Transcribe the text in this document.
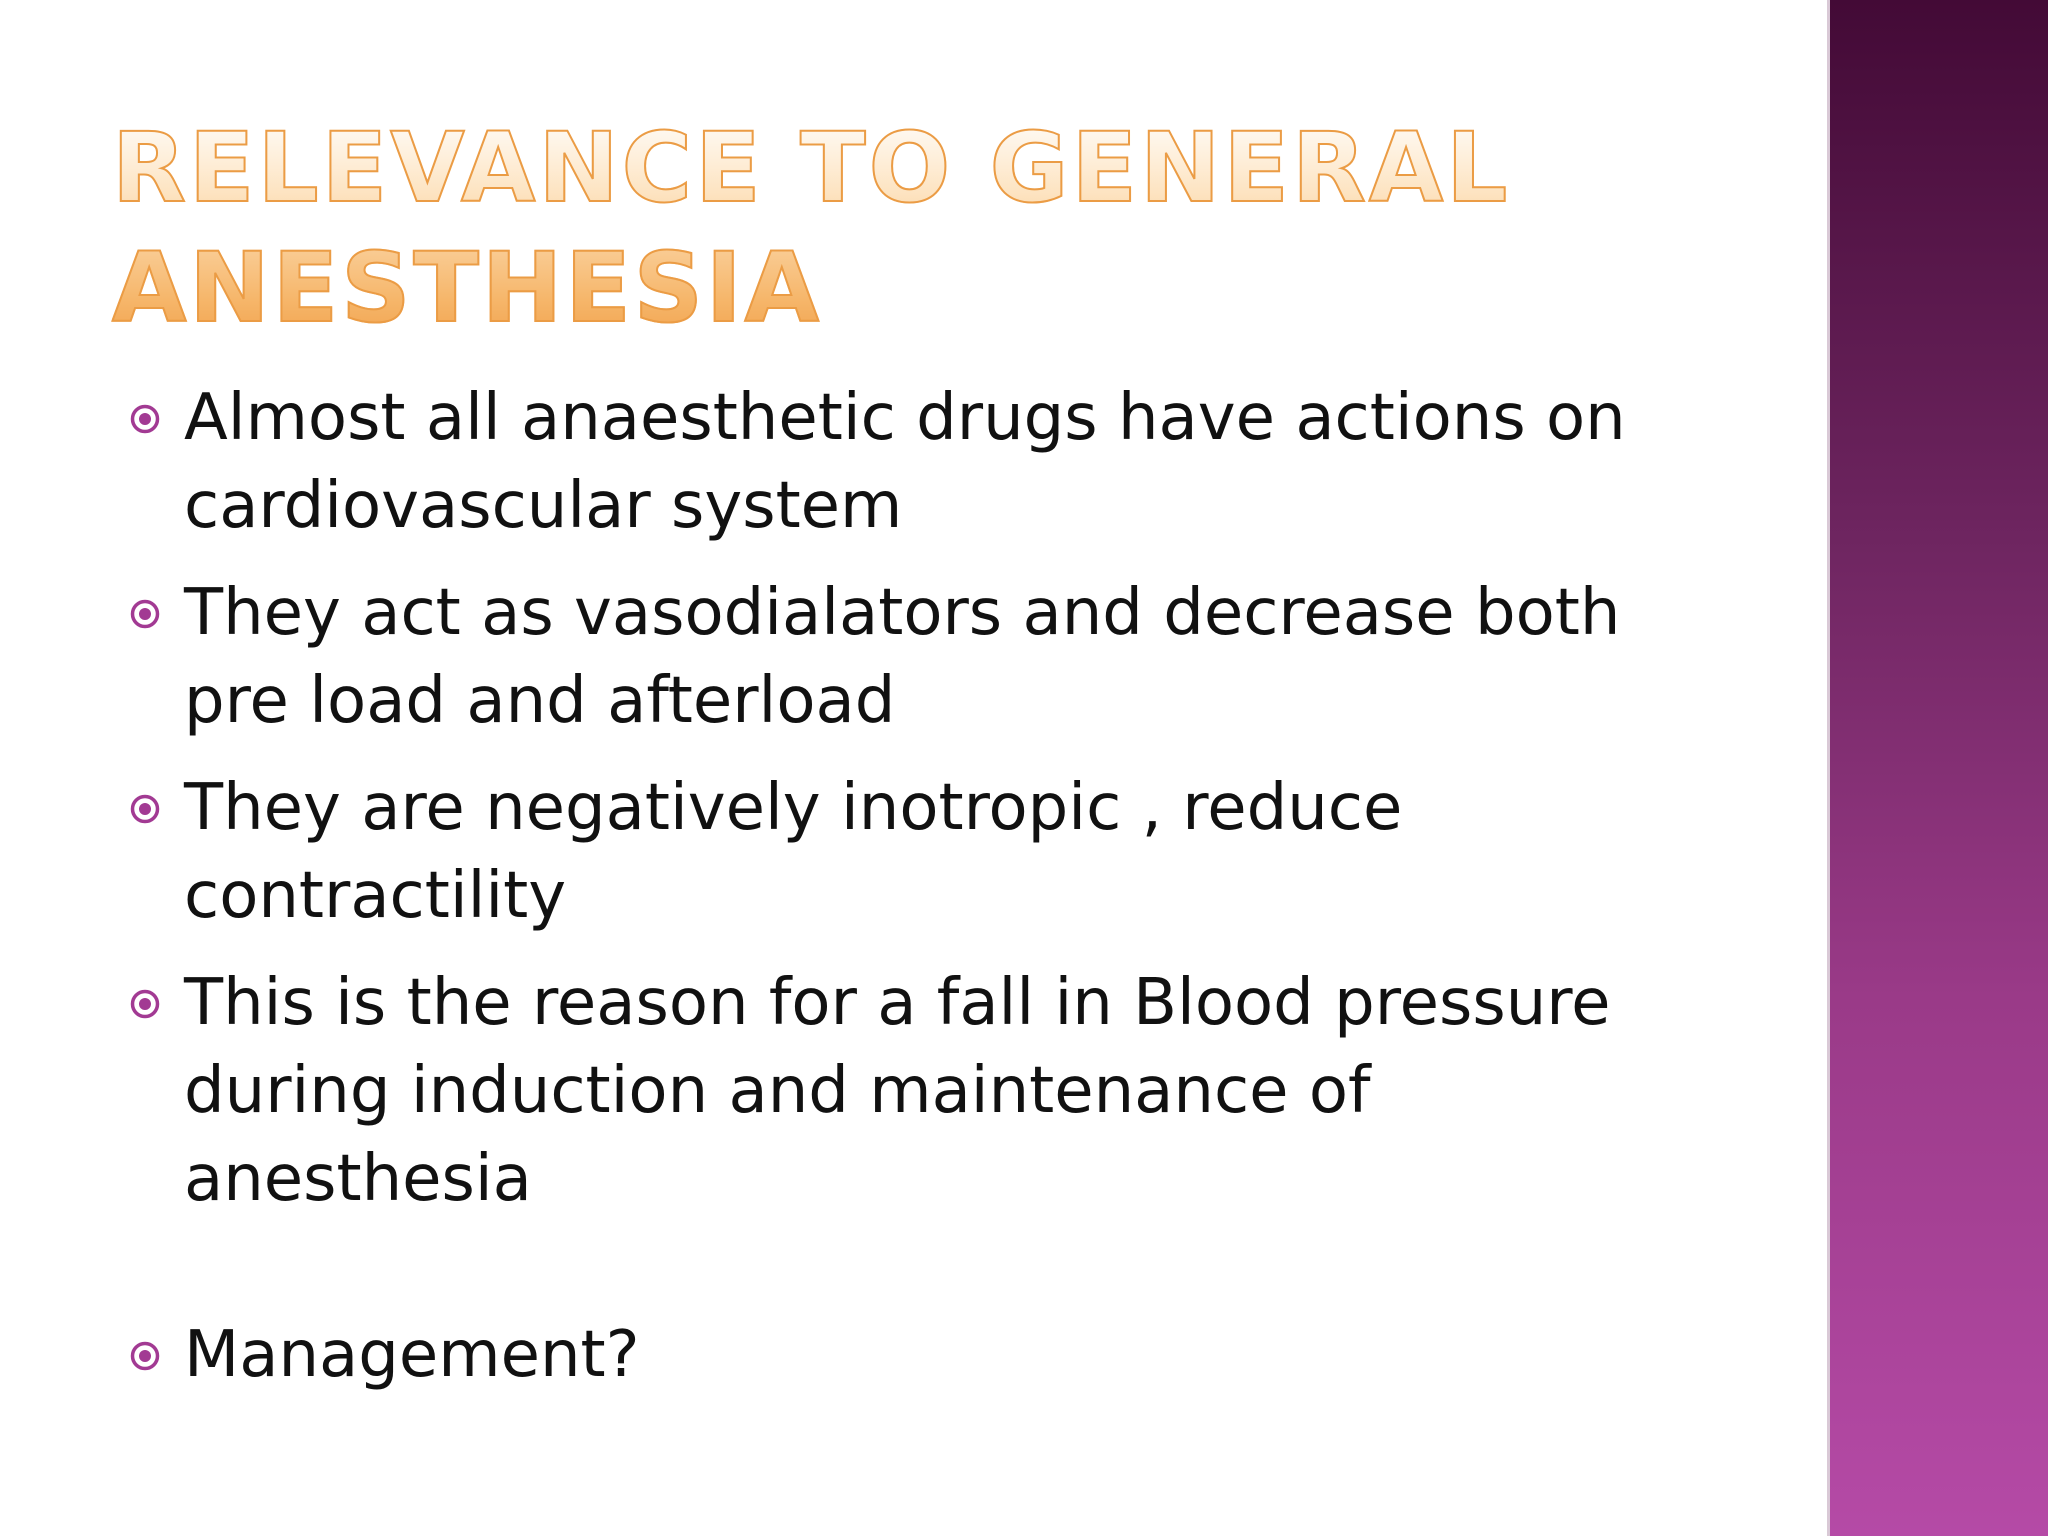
RELEVANCE TO GENERAL ANESTHESIA
Almost all anaesthetic drugs have actions on cardiovascular system
They act as vasodialators and decrease both pre load and afterload
They are negatively inotropic , reduce contractility
This is the reason for a fall in Blood pressure during induction and maintenance of anesthesia
Management?
